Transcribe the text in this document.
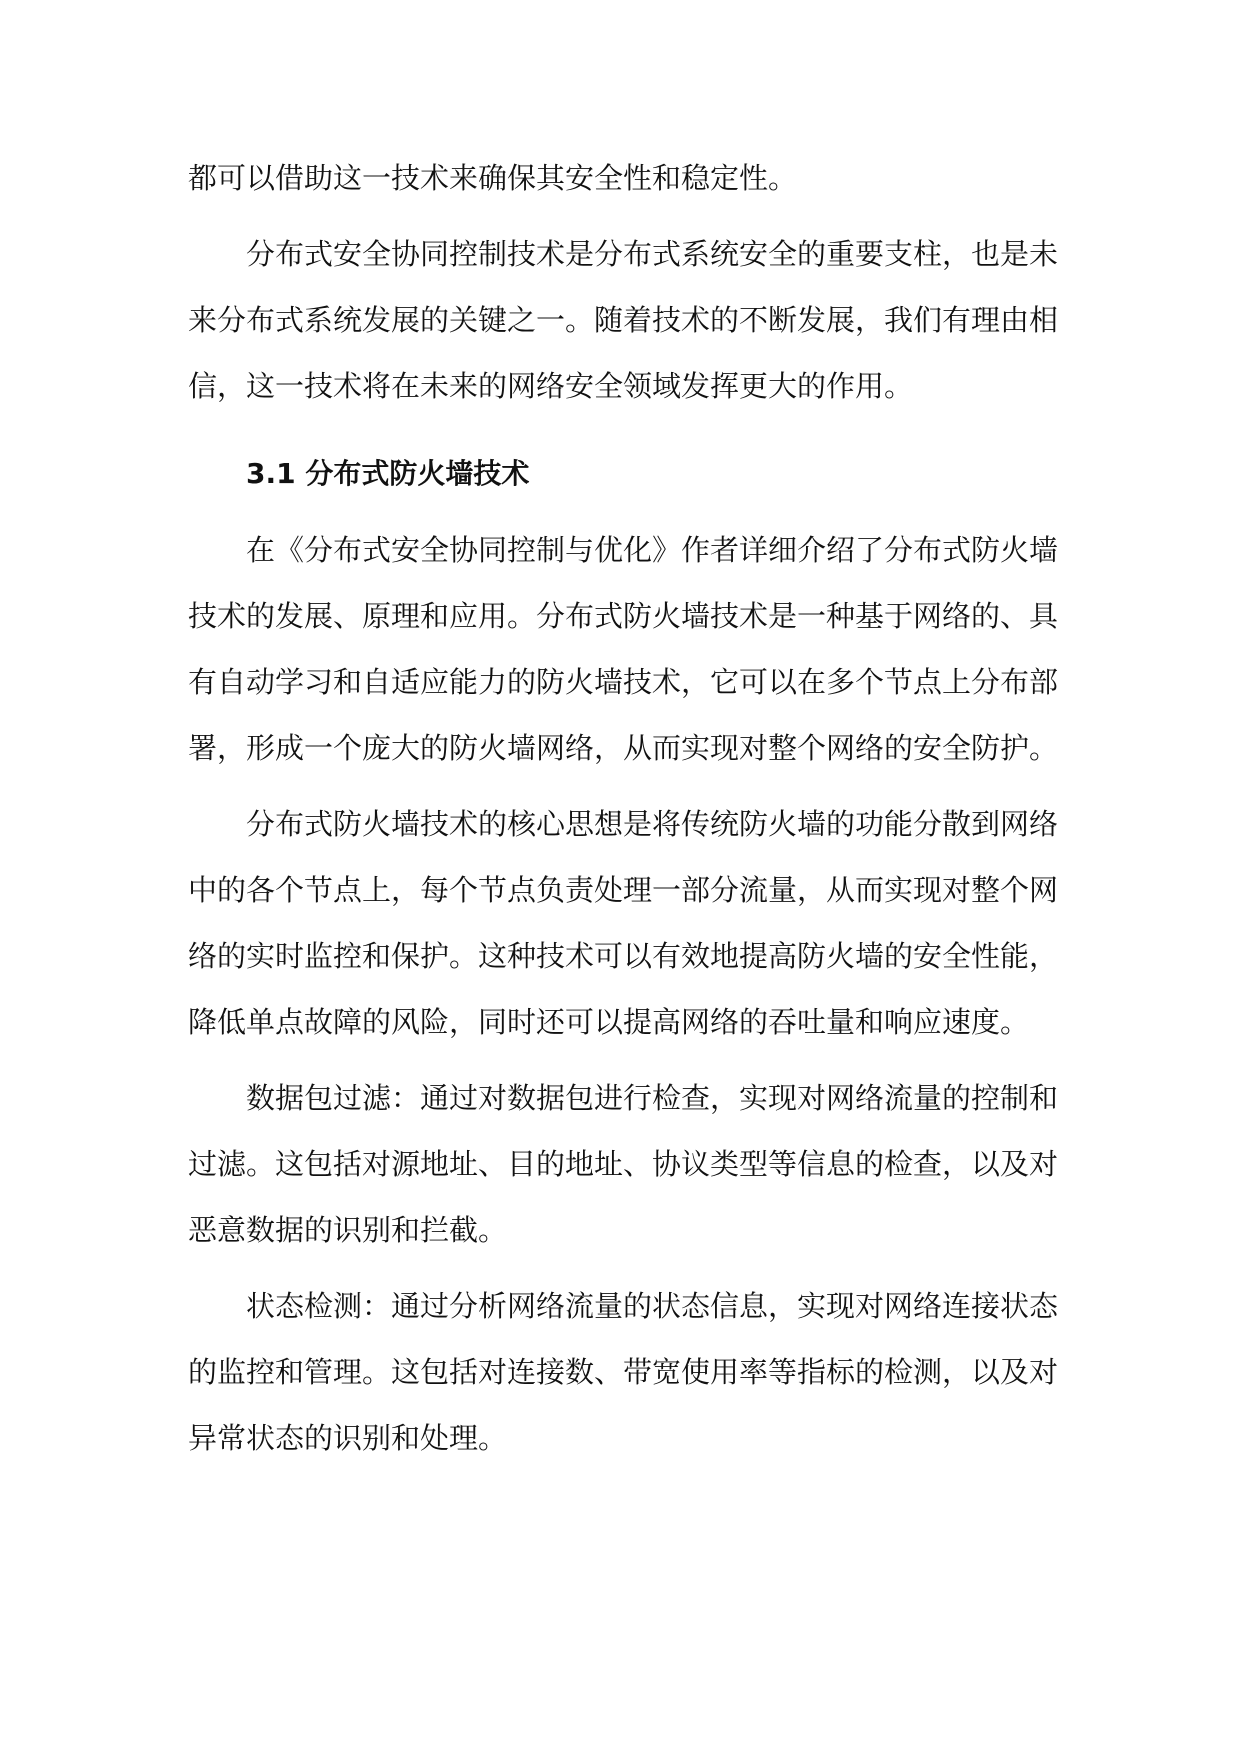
都可以借助这一技术来确保其安全性和稳定性。

分布式安全协同控制技术是分布式系统安全的重要支柱，也是未来分布式系统发展的关键之一。随着技术的不断发展，我们有理由相信，这一技术将在未来的网络安全领域发挥更大的作用。

3.1 分布式防火墙技术

在《分布式安全协同控制与优化》作者详细介绍了分布式防火墙技术的发展、原理和应用。分布式防火墙技术是一种基于网络的、具有自动学习和自适应能力的防火墙技术，它可以在多个节点上分布部署，形成一个庞大的防火墙网络，从而实现对整个网络的安全防护。

分布式防火墙技术的核心思想是将传统防火墙的功能分散到网络中的各个节点上，每个节点负责处理一部分流量，从而实现对整个网络的实时监控和保护。这种技术可以有效地提高防火墙的安全性能，降低单点故障的风险，同时还可以提高网络的吞吐量和响应速度。

数据包过滤：通过对数据包进行检查，实现对网络流量的控制和过滤。这包括对源地址、目的地址、协议类型等信息的检查，以及对恶意数据的识别和拦截。

状态检测：通过分析网络流量的状态信息，实现对网络连接状态的监控和管理。这包括对连接数、带宽使用率等指标的检测，以及对异常状态的识别和处理。
